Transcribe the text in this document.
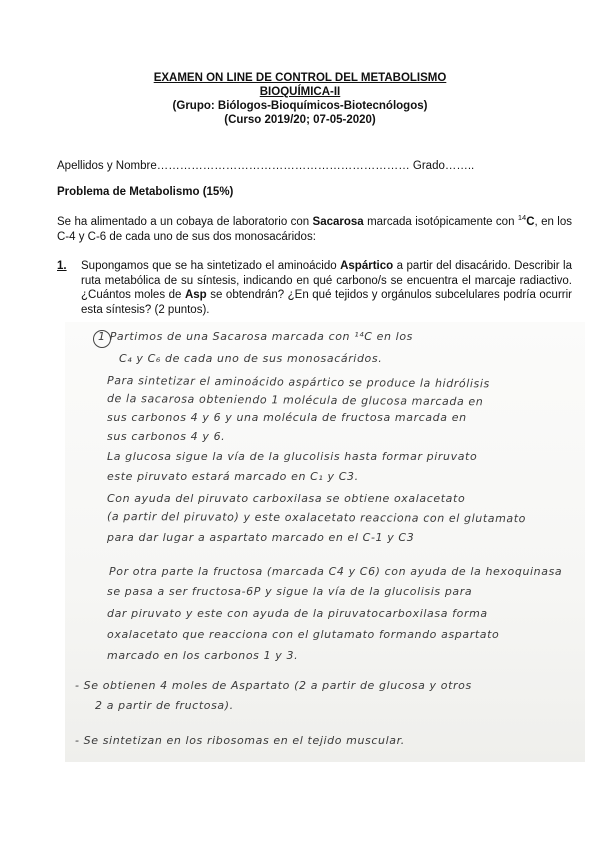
EXAMEN ON LINE DE CONTROL DEL METABOLISMO
BIOQUÍMICA-II
(Grupo: Biólogos-Bioquímicos-Biotecnólogos)
(Curso 2019/20; 07-05-2020)
Apellidos y Nombre………………………………………………………… Grado……..
Problema de Metabolismo (15%)
Se ha alimentado a un cobaya de laboratorio con Sacarosa marcada isotópicamente con $^{14}$C, en los C-4 y C-6 de cada uno de sus dos monosacáridos:
1. Supongamos que se ha sintetizado el aminoácido Aspártico a partir del disacárido. Describir la ruta metabólica de su síntesis, indicando en qué carbono/s se encuentra el marcaje radiactivo. ¿Cuántos moles de Asp se obtendrán? ¿En qué tejidos y orgánulos subcelulares podría ocurrir esta síntesis? (2 puntos).
1 Partimos de una Sacarosa marcada con ¹⁴C en los
C₄ y C₆ de cada uno de sus monosacáridos.
Para sintetizar el aminoácido aspártico se produce la hidrólisis
de la sacarosa obteniendo 1 molécula de glucosa marcada en
sus carbonos 4 y 6 y una molécula de fructosa marcada en
sus carbonos 4 y 6.
La glucosa sigue la vía de la glucolisis hasta formar piruvato
este piruvato estará marcado en C₁ y C3.
Con ayuda del piruvato carboxilasa se obtiene oxalacetato
(a partir del piruvato) y este oxalacetato reacciona con el glutamato
para dar lugar a aspartato marcado en el C-1 y C3
Por otra parte la fructosa (marcada C4 y C6) con ayuda de la hexoquinasa
se pasa a ser fructosa-6P y sigue la vía de la glucolisis para
dar piruvato y este con ayuda de la piruvatocarboxilasa forma
oxalacetato que reacciona con el glutamato formando aspartato
marcado en los carbonos 1 y 3.
- Se obtienen 4 moles de Aspartato (2 a partir de glucosa y otros
2 a partir de fructosa).
- Se sintetizan en los ribosomas en el tejido muscular.
